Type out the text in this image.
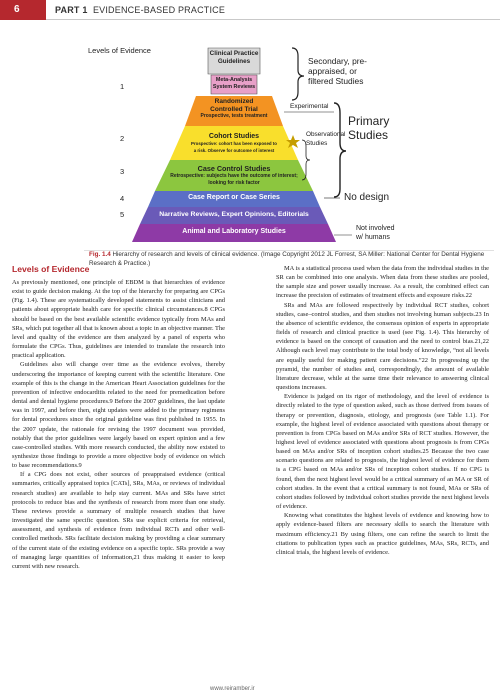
6	PART 1 EVIDENCE-BASED PRACTICE
Levels of Evidence
1
2
3
4
5
Clinical Practice
Guidelines
Meta-Analysis
System Reviews
Randomized
Controlled Trial
Prospective, tests treatment
Cohort Studies
Prospective: cohort has been exposed to
a risk. Observe for outcome of interest
Case Control Studies
Retrospective: subjects have the outcome of interest;
looking for risk factor
Case Report or Case Series
Narrative Reviews, Expert Opinions, Editorials
Animal and Laboratory Studies
Secondary, pre-
appraised, or
filtered Studies
Experimental
Primary
Studies
Observational
Studies
No design
Not involved
w/ humans
Fig. 1.4 Hierarchy of research and levels of clinical evidence. (Image Copyright 2012 JL Forrest, SA Miller: National Center for Dental Hygiene Research & Practice.)
Levels of Evidence

As previously mentioned, one principle of EBDM is that hierarchies of evidence exist to guide decision making. At the top of the hierarchy for preparing are CPGs (Fig. 1.4). These are systematically developed statements to assist clinicians and patients about appropriate health care for specific clinical circumstances.8 CPGs should be based on the best available scientific evidence typically from MAs and SRs, which put together all that is known about a topic in an objective manner. The level and quality of the evidence are then analyzed by a panel of experts who formulate the CPGs. Thus, guidelines are intended to translate the research into practical application.

Guidelines also will change over time as the evidence evolves, thereby underscoring the importance of keeping current with the scientific literature. One example of this is the change in the American Heart Association guidelines for the prevention of infective endocarditis related to the need for premedication before dental and dental hygiene procedures.9 Before the 2007 guidelines, the last update was in 1997, and before then, eight updates were added to the primary regimens for dental procedures since the original guideline was first published in 1955. In the 2007 update, the rationale for revising the 1997 document was provided, notably that the prior guidelines were largely based on expert opinion and a few case-controlled studies. With more research conducted, the ability now existed to synthesize those findings to provide a more objective body of evidence on which to base recommendations.9

If a CPG does not exist, other sources of preappraised evidence (critical summaries, critically appraised topics [CATs], SRs, MAs, or reviews of individual research studies) are available to help stay current. MAs and SRs have strict protocols to reduce bias and the synthesis of research from more than one study. These reviews provide a summary of multiple research studies that have investigated the same specific question. SRs use explicit criteria for retrieval, assessment, and synthesis of evidence from individual RCTs and other well-controlled methods. SRs facilitate decision making by providing a clear summary of the current state of the existing evidence on a specific topic. SRs provide a way of managing large quantities of information,21 thus making it easier to keep current with new research.

MA is a statistical process used when the data from the individual studies in the SR can be combined into one analysis. When data from these studies are pooled, the sample size and power usually increase. As a result, the combined effect can increase the precision of estimates of treatment effects and exposure risks.22

SRs and MAs are followed respectively by individual RCT studies, cohort studies, case–control studies, and then studies not involving human subjects.23 In the absence of scientific evidence, the consensus opinion of experts in appropriate fields of research and clinical practice is used (see Fig. 1.4). This hierarchy of evidence is based on the concept of causation and the need to control bias.21,22 Although each level may contribute to the total body of knowledge, “not all levels are equally useful for making patient care decisions.”22 In progressing up the pyramid, the number of studies and, correspondingly, the amount of available literature decrease, while at the same time their relevance to answering clinical questions increases.

Evidence is judged on its rigor of methodology, and the level of evidence is directly related to the type of question asked, such as those derived from issues of therapy or prevention, diagnosis, etiology, and prognosis (see Table 1.1). For example, the highest level of evidence associated with questions about therapy or prevention is from CPGs based on MAs and/or SRs of RCT studies. However, the highest level of evidence associated with questions about prognosis is from CPGs based on MAs and/or SRs of inception cohort studies.25 Because the two case scenario questions are related to prognosis, the highest level of evidence for them is a CPG based on MAs and/or SRs of inception cohort studies. If no CPG is found, then the next highest level would be a critical summary of an MA or SR of cohort studies. In the event that a critical summary is not found, MAs or SRs of cohort studies followed by individual cohort studies provide the next highest levels of evidence.

Knowing what constitutes the highest levels of evidence and knowing how to apply evidence-based filters are necessary skills to search the literature with maximum efficiency.21 By using filters, one can refine the search to limit the citations to publication types such as practice guidelines, MAs, SRs, RCTs, and clinical trials, the highest levels of evidence.

www.reiramber.ir
